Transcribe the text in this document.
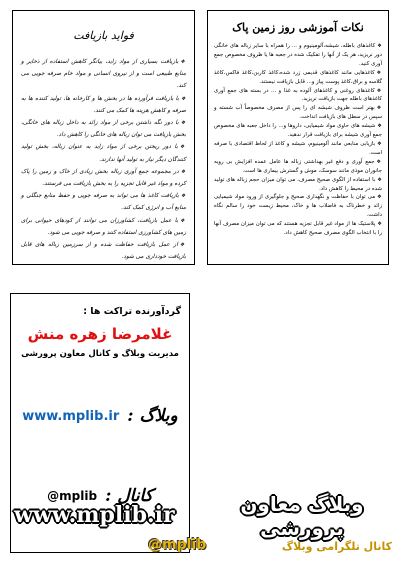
نکات آموزشی روز زمین پاک
❖کاغذهای باطله، شیشه،آلومینیوم و ... را همراه با سایر زباله های خانگی دور نریزید، هر یک از آنها را تفکیک شده در جعبه ها یا ظروف مخصوص جمع آوری کنید.
❖کاغذهایی مانند کاغذهای قدیمی زرد شده،کاغذ کاربن،کاغذ فاکس،کاغذ گلاسه و براق،کاغذ پوست پیاز و... قابل بازیافت نیستند.
❖کاغذهای روغنی و کاغذهای آلوده به غذا و ... در بسته های جمع آوری کاغذهای باطله جهت بازیافت نریزید.
❖بهتر است ظروف شیشه ای را پس از مصرف مخصوصاً آب شسته و سپس در سطل های بازیافت انداخت.
❖شیشه های حاوی مواد شیمیایی، داروها و... را داخل جعبه های مخصوص جمع آوری شیشه برای بازیافت قرار ندهید.
❖بازیابی منابعی مانند آلومینیوم، شیشه و کاغذ از لحاظ اقتصادی با صرفه است.
❖جمع آوری و دفع غیر بهداشتی زباله ها عامل عمده افزایش بی رویه جانوران موذی مانند سوسک، موش و گسترش بیماری ها است.
❖با استفاده از الگوی صحیح مصرف، می توان میزان حجم زباله های تولید شده در محیط را کاهش داد.
❖می توان با حفاظت و نگهداری صحیح و جلوگیری از ورود مواد شیمیایی زائد و خطرناک به فاضلاب ها و خاک، محیط زیست خود را سالم نگاه داشت.
❖پلاستیک ها از مواد غیر قابل تجزیه هستند که می توان میزان مصرف آنها را با انتخاب الگوی مصرف صحیح کاهش داد.
فواید بازیافت
❖بازیافت بسیاری از مواد زاید، بیانگر کاهش استفاده از ذخایر و منابع طبیعی است و از نیروی انسانی و مواد خام صرفه جویی می کند.
❖با بازیافت فرآورده ها در بخش ها و کارخانه ها، تولید کننده ها به صرفه و کاهش هزینه ها کمک می کنند.
❖با دور نگه داشتن برخی از مواد زائد به داخل زباله های خانگی، بخش بازیافت می توان زباله های خانگی را کاهش داد.
❖با دور ریختن برخی از مواد زاید به عنوان زباله، بخش تولید کنندگان دیگر نیاز به تولید آنها ندارند.
❖در مجموعه جمع آوری زباله بخش زیادی از خاک و زمین را پاک کرده و مواد غیر قابل تجزیه را به بخش بازیافت می فرستند.
❖بازیافت کاغذ ها می تواند به صرفه جویی و حفظ منابع جنگلی و منابع آب و انرژی کمک کند.
❖با عمل بازیافت، کشاورزان می توانند از کودهای حیوانی برای زمین های کشاورزی استفاده کنند و صرفه جویی می شود.
❖از عمل بازیافت حفاظت شده و از سرزمین زباله های قابل بازیافت خودداری می شود.
گردآورنده تراکت ها :
غلامرضا زهره منش
مدیریت وبلاگ و کانال معاون پرورشی
www.mplib.ir وبلاگ :
@mplib کانال :	وبلاگ معاون پرورشی
www.mplib.ir
کانال تلگرامی وبلاگ
@mplib
